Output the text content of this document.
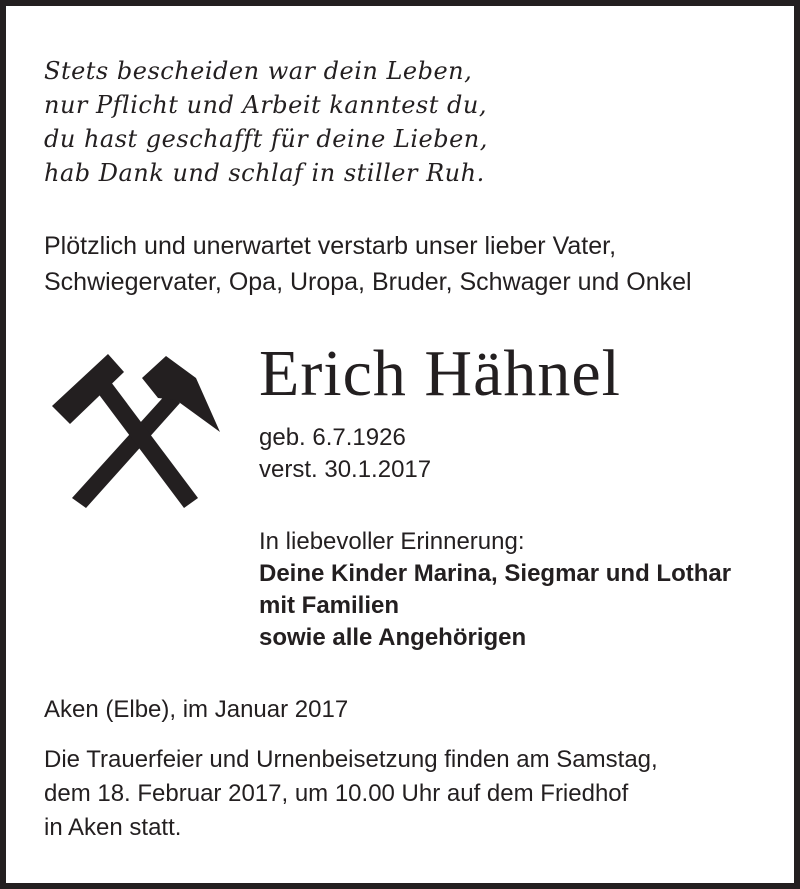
Stets bescheiden war dein Leben,
nur Pflicht und Arbeit kanntest du,
du hast geschafft für deine Lieben,
hab Dank und schlaf in stiller Ruh.
Plötzlich und unerwartet verstarb unser lieber Vater,
Schwiegervater, Opa, Uropa, Bruder, Schwager und Onkel
Erich Hähnel
geb. 6.7.1926
verst. 30.1.2017
In liebevoller Erinnerung:
Deine Kinder Marina, Siegmar und Lothar
mit Familien
sowie alle Angehörigen
Aken (Elbe), im Januar 2017
Die Trauerfeier und Urnenbeisetzung finden am Samstag,
dem 18. Februar 2017, um 10.00 Uhr auf dem Friedhof
in Aken statt.
